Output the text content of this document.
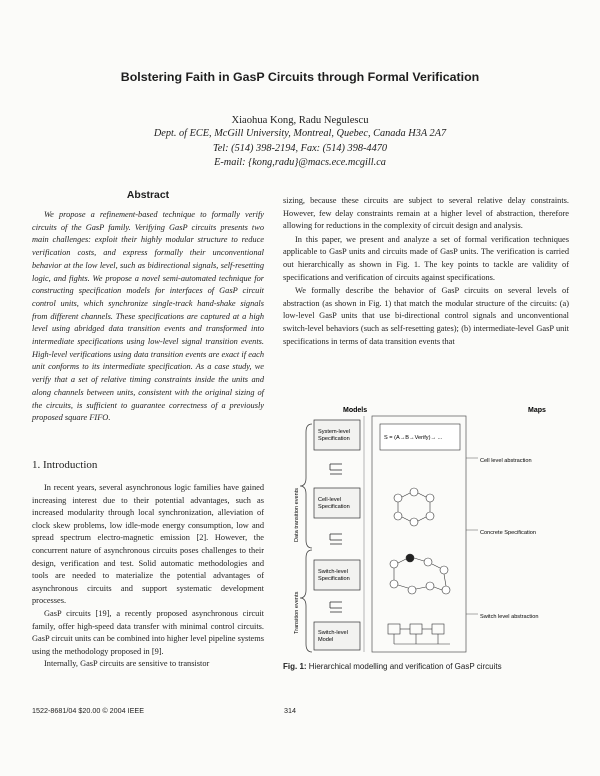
Bolstering Faith in GasP Circuits through Formal Verification
Xiaohua Kong, Radu Negulescu
Dept. of ECE, McGill University, Montreal, Quebec, Canada H3A 2A7
Tel: (514) 398-2194, Fax: (514) 398-4470
E-mail: {kong,radu}@macs.ece.mcgill.ca
Abstract
We propose a refinement-based technique to formally verify circuits of the GasP family. Verifying GasP circuits presents two main challenges: exploit their highly modular structure to reduce verification costs, and express formally their unconventional behavior at the low level, such as bidirectional signals, self-resetting logic, and fights. We propose a novel semi-automated technique for constructing specification models for interfaces of GasP circuit control units, which synchronize single-track hand-shake signals from different channels. These specifications are captured at a high level using abridged data transition events and transformed into intermediate specifications using low-level signal transition events. High-level verifications using data transition events are exact if each unit conforms to its intermediate specification. As a case study, we verify that a set of relative timing constraints inside the units and along channels between units, consistent with the original sizing of the circuits, is sufficient to guarantee correctness of a previously proposed square FIFO.
1. Introduction

In recent years, several asynchronous logic families have gained increasing interest due to their potential advantages, such as increased modularity through local synchronization, alleviation of clock skew problems, low idle-mode energy consumption, low and spread spectrum electro-magnetic emission [2]. However, the concurrent nature of asynchronous circuits poses challenges to their design, verification and test. Solid automatic methodologies and tools are needed to materialize the potential advantages of asynchronous circuits and support systematic development processes.

GasP circuits [19], a recently proposed asynchronous circuit family, offer high-speed data transfer with minimal control circuits. GasP circuit units can be combined into higher level pipeline systems using the methodology proposed in [9].

Internally, GasP circuits are sensitive to transistor

sizing, because these circuits are subject to several relative delay constraints. However, few delay constraints remain at a higher level of abstraction, therefore allowing for reductions in the complexity of circuit design and analysis.

In this paper, we present and analyze a set of formal verification techniques applicable to GasP units and circuits made of GasP units. The verification is carried out hierarchically as shown in Fig. 1. The key points to tackle are validity of specifications and verification of circuits against specifications.

We formally describe the behavior of GasP circuits on several levels of abstraction (as shown in Fig. 1) that match the modular structure of the circuits: (a) low-level GasP units that use bi-directional control signals and unconventional switch-level behaviors (such as self-resetting gates); (b) intermediate-level GasP unit specifications in terms of data transition events that

Models	Maps
Data transition events
Transition events
System-level Specification
Cell-level Specification
Switch-level Specification
Switch-level Model
S = (A→B→Verify)→ ...
Cell level abstraction
Concrete Specification
Switch level abstraction
Fig. 1: Hierarchical modelling and verification of GasP circuits
1522-8681/04 $20.00 © 2004 IEEE	314
